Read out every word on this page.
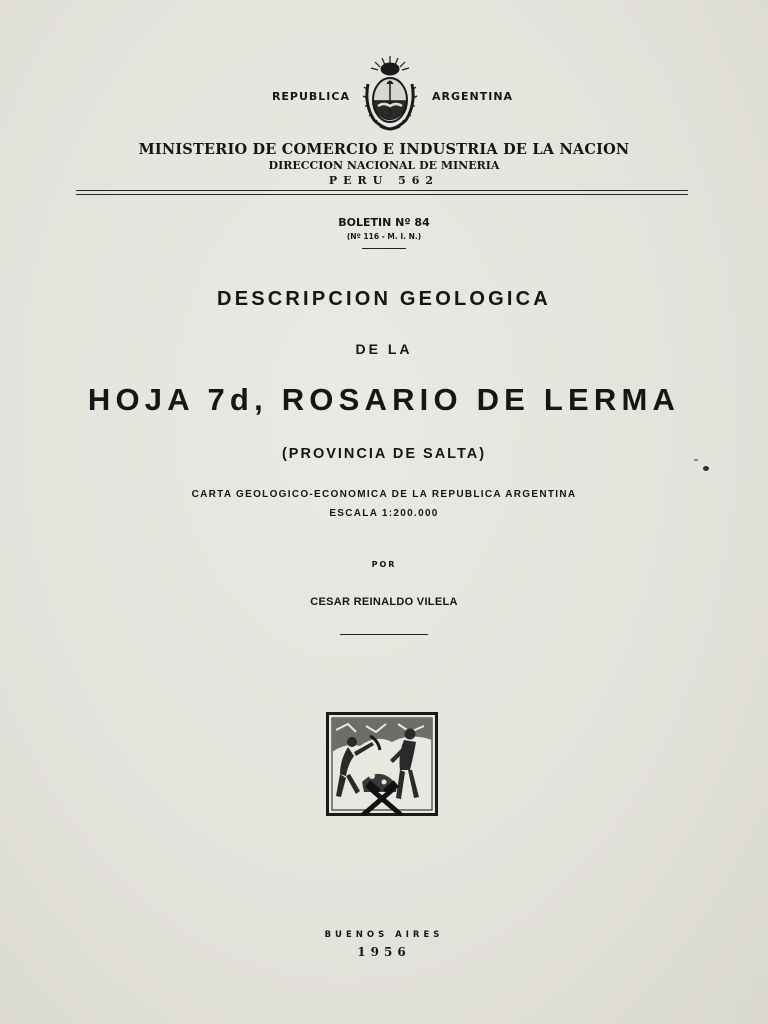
REPUBLICA	ARGENTINA
MINISTERIO DE COMERCIO E INDUSTRIA DE LA NACION
DIRECCION NACIONAL DE MINERIA
PERU 562
BOLETIN Nº 84
(Nº 116 - M. I. N.)
DESCRIPCION GEOLOGICA
DE LA
HOJA 7d, ROSARIO DE LERMA
(PROVINCIA DE SALTA)
CARTA GEOLOGICO-ECONOMICA DE LA REPUBLICA ARGENTINA
ESCALA 1:200.000
POR
CESAR REINALDO VILELA
BUENOS AIRES
1956
